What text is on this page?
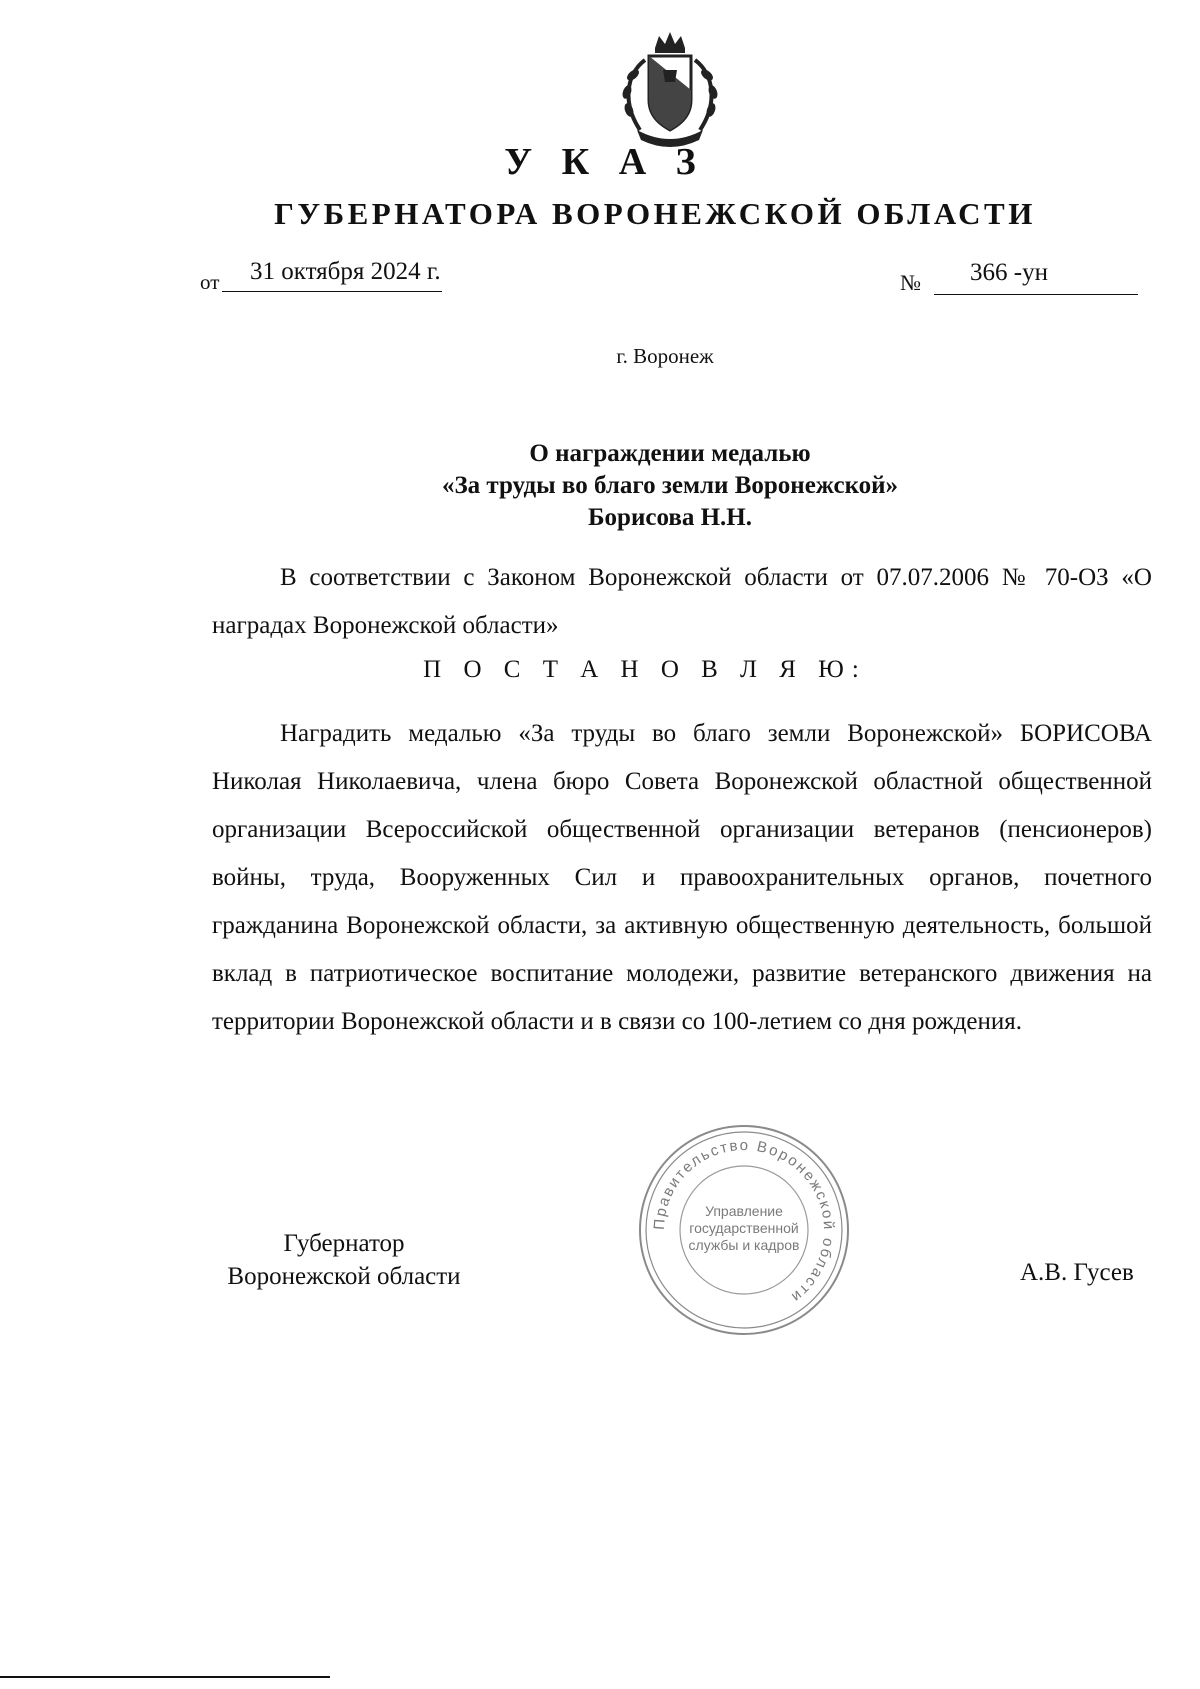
У К А З
ГУБЕРНАТОРА ВОРОНЕЖСКОЙ ОБЛАСТИ
от 31 октября 2024 г.	№ 366 -ун
г. Воронеж
О награждении медалью
«За труды во благо земли Воронежской»
Борисова Н.Н.

В соответствии с Законом Воронежской области от 07.07.2006 № 70-ОЗ «О наградах Воронежской области»

П О С Т А Н О В Л Я Ю:

Наградить медалью «За труды во благо земли Воронежской» БОРИСОВА Николая Николаевича, члена бюро Совета Воронежской областной общественной организации Всероссийской общественной организации ветеранов (пенсионеров) войны, труда, Вооруженных Сил и правоохранительных органов, почетного гражданина Воронежской области, за активную общественную деятельность, большой вклад в патриотическое воспитание молодежи, развитие ветеранского движения на территории Воронежской области и в связи со 100-летием со дня рождения.

Губернатор
Воронежской области	А.В. Гусев
Правительство Воронежской области
Управление
государственной
службы и кадров
